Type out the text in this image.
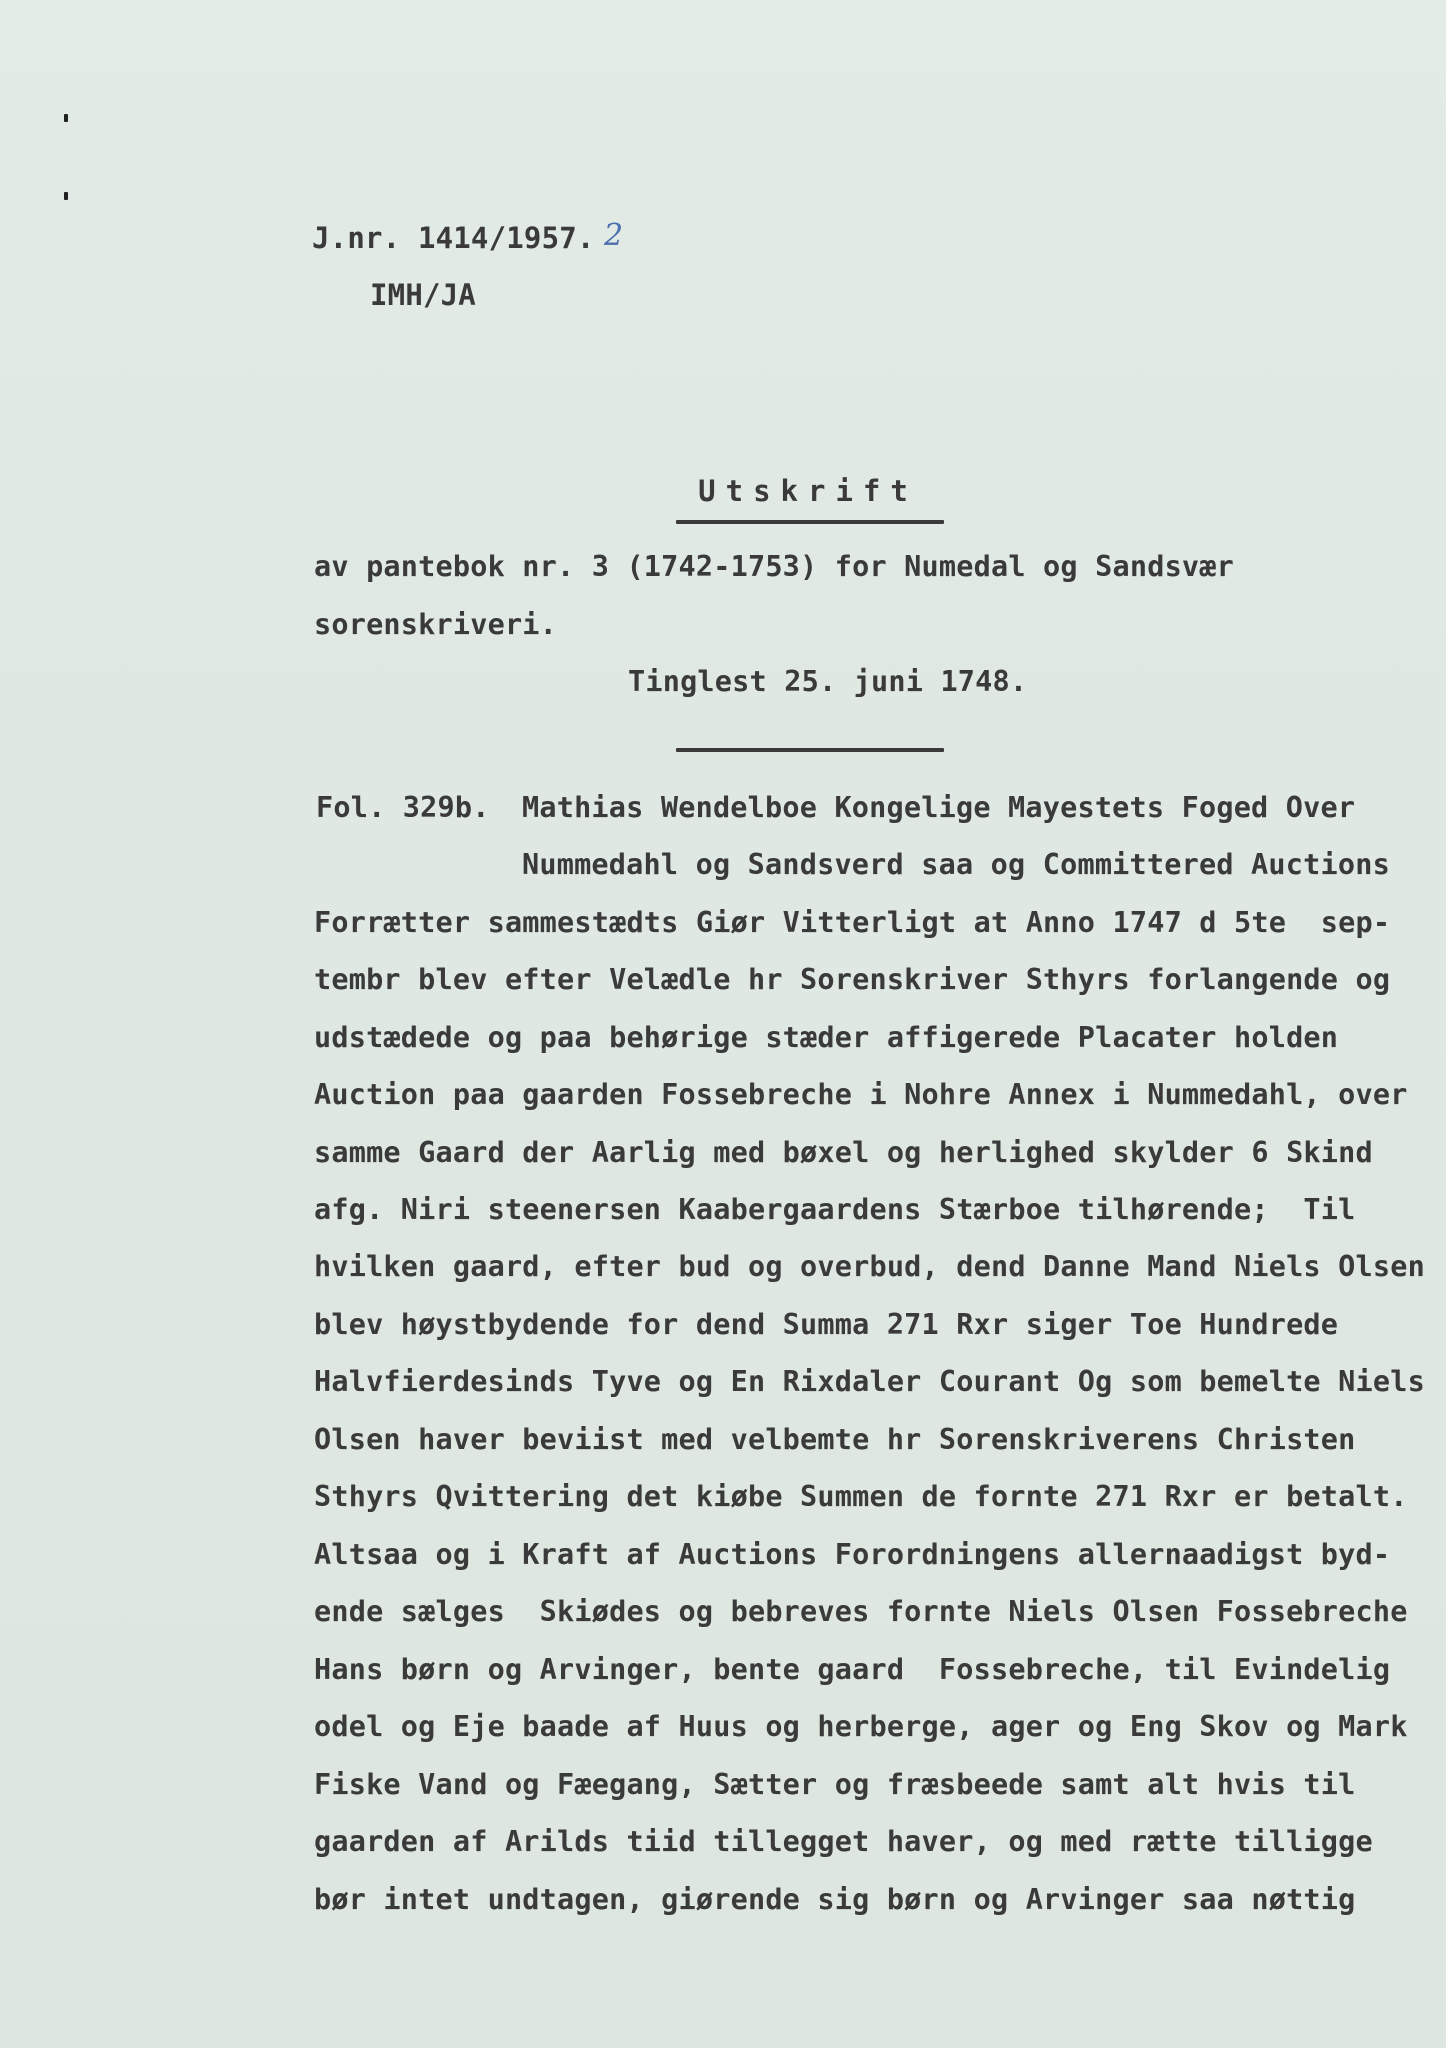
J.nr. 1414/1957. 2
IMH/JA
Utskrift
av pantebok nr. 3 (1742-1753) for Numedal og Sandsvær
sorenskriveri.
Tinglest 25. juni 1748.
Fol. 329b. Mathias Wendelboe Kongelige Mayestets Foged Over
Nummedahl og Sandsverd saa og Committered Auctions
Forrætter sammestædts Giør Vitterligt at Anno 1747 d 5te  sep-
tembr blev efter Velædle hr Sorenskriver Sthyrs forlangende og
udstædede og paa behørige stæder affigerede Placater holden
Auction paa gaarden Fossebreche i Nohre Annex i Nummedahl, over
samme Gaard der Aarlig med bøxel og herlighed skylder 6 Skind
afg. Niri steenersen Kaabergaardens Stærboe tilhørende;  Til
hvilken gaard, efter bud og overbud, dend Danne Mand Niels Olsen
blev høystbydende for dend Summa 271 Rxr siger Toe Hundrede
Halvfierdesinds Tyve og En Rixdaler Courant Og som bemelte Niels
Olsen haver beviist med velbemte hr Sorenskriverens Christen
Sthyrs Qvittering det kiøbe Summen de fornte 271 Rxr er betalt.
Altsaa og i Kraft af Auctions Forordningens allernaadigst byd-
ende sælges  Skiødes og bebreves fornte Niels Olsen Fossebreche
Hans børn og Arvinger, bente gaard  Fossebreche, til Evindelig
odel og Eje baade af Huus og herberge, ager og Eng Skov og Mark
Fiske Vand og Fæegang, Sætter og fræsbeede samt alt hvis til
gaarden af Arilds tiid tillegget haver, og med rætte tilligge
bør intet undtagen, giørende sig børn og Arvinger saa nøttig
